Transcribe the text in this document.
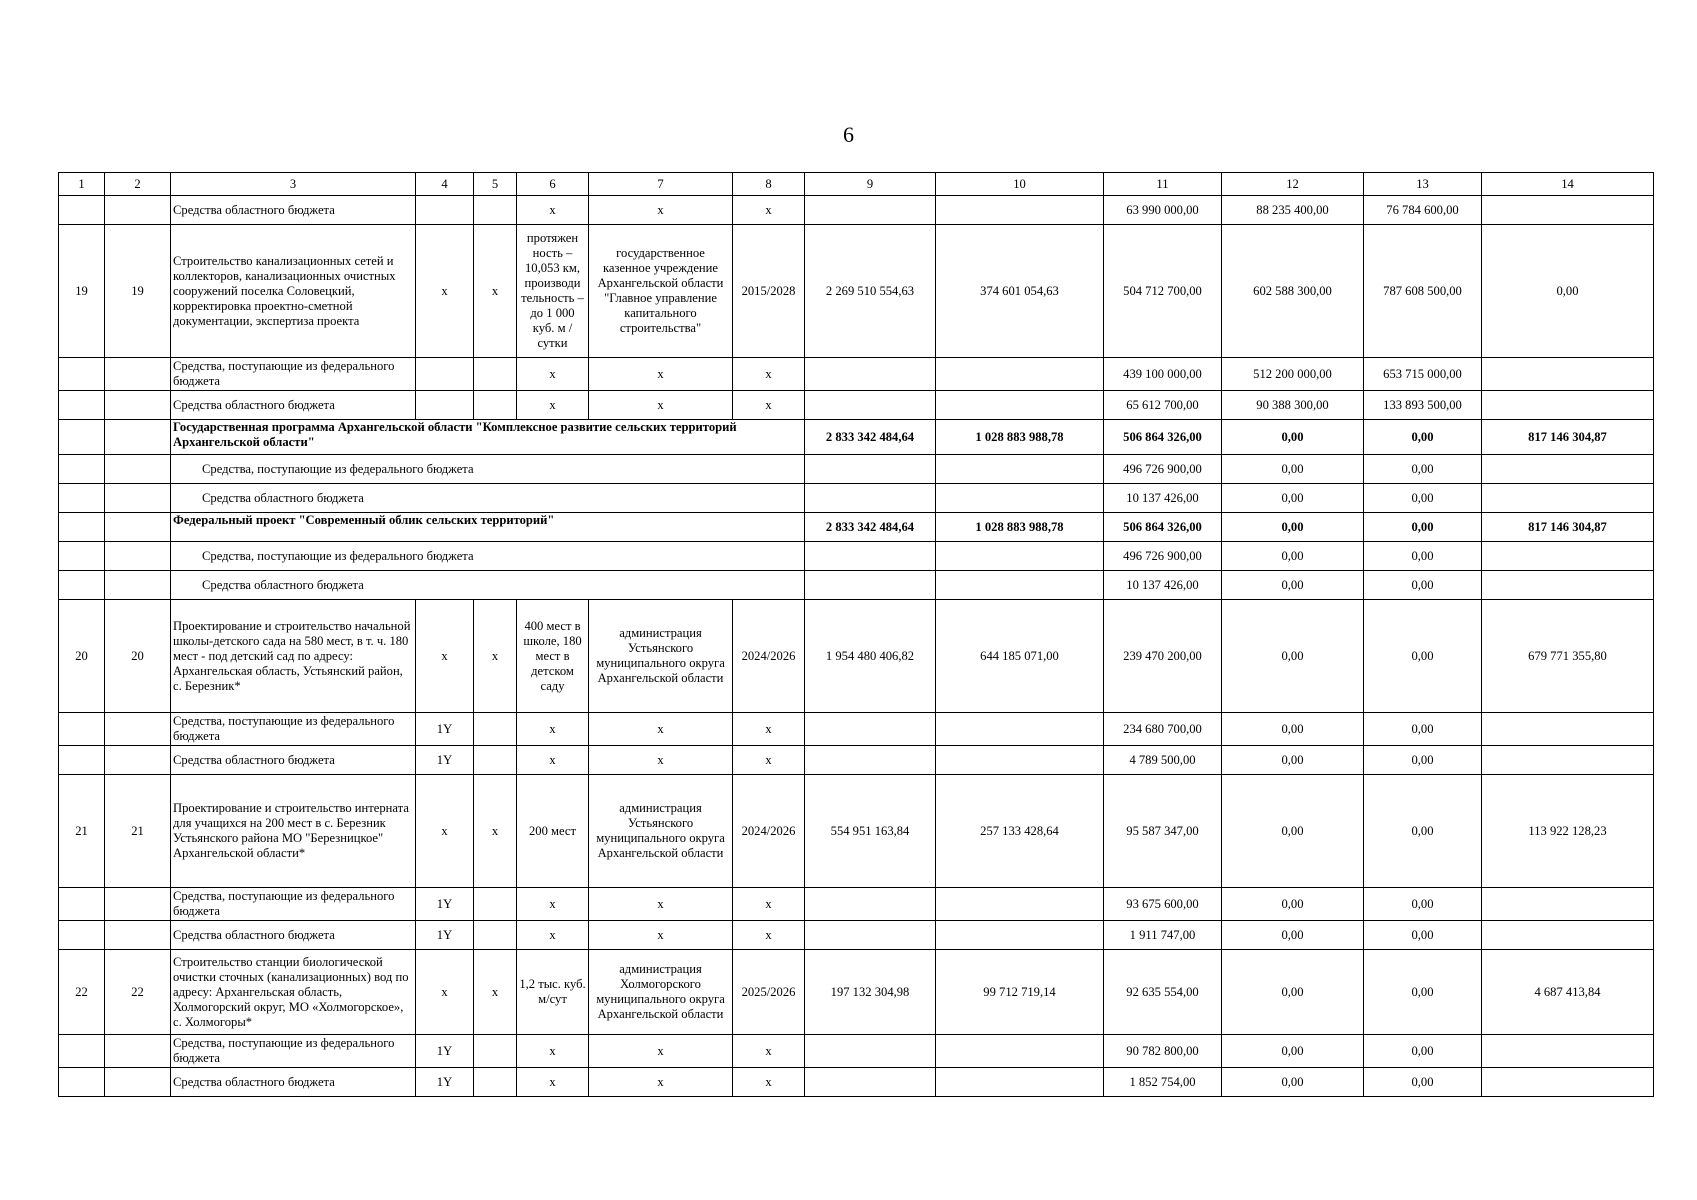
6
1	2	3	4	5	6	7	8	9	10	11	12	13	14
		Средства областного бюджета			х	х	х			63 990 000,00	88 235 400,00	76 784 600,00	
19	19	Строительство канализационных сетей и коллекторов, канализационных очистных сооружений поселка Соловецкий, корректировка проектно-сметной документации, экспертиза проекта	х	х	протяжен ность – 10,053 км, производи тельность – до 1 000 куб. м / сутки	государственное казенное учреждение Архангельской области "Главное управление капитального строительства"	2015/2028	2 269 510 554,63	374 601 054,63	504 712 700,00	602 588 300,00	787 608 500,00	0,00
		Средства, поступающие из федерального бюджета			х	х	х			439 100 000,00	512 200 000,00	653 715 000,00	
		Средства областного бюджета			х	х	х			65 612 700,00	90 388 300,00	133 893 500,00	
		Государственная программа Архангельской области "Комплексное развитие сельских территорий Архангельской области"						2 833 342 484,64	1 028 883 988,78	506 864 326,00	0,00	0,00	817 146 304,87
		Средства, поступающие из федерального бюджета								496 726 900,00	0,00	0,00	
		Средства областного бюджета								10 137 426,00	0,00	0,00	
		Федеральный проект "Современный облик сельских территорий"						2 833 342 484,64	1 028 883 988,78	506 864 326,00	0,00	0,00	817 146 304,87
		Средства, поступающие из федерального бюджета								496 726 900,00	0,00	0,00	
		Средства областного бюджета								10 137 426,00	0,00	0,00	
20	20	Проектирование и строительство начальной школы-детского сада на 580 мест, в т. ч. 180 мест - под детский сад по адресу: Архангельская область, Устьянский район, с. Березник*	х	х	400 мест в школе, 180 мест в детском саду	администрация Устьянского муниципального округа Архангельской области	2024/2026	1 954 480 406,82	644 185 071,00	239 470 200,00	0,00	0,00	679 771 355,80
		Средства, поступающие из федерального бюджета	1Y		х	х	х			234 680 700,00	0,00	0,00	
		Средства областного бюджета	1Y		х	х	х			4 789 500,00	0,00	0,00	
21	21	Проектирование и строительство интерната для учащихся на 200 мест в с. Березник Устьянского района МО "Березницкое" Архангельской области*	х	х	200 мест	администрация Устьянского муниципального округа Архангельской области	2024/2026	554 951 163,84	257 133 428,64	95 587 347,00	0,00	0,00	113 922 128,23
		Средства, поступающие из федерального бюджета	1Y		х	х	х			93 675 600,00	0,00	0,00	
		Средства областного бюджета	1Y		х	х	х			1 911 747,00	0,00	0,00	
22	22	Строительство станции биологической очистки сточных (канализационных) вод по адресу: Архангельская область, Холмогорский округ, МО «Холмогорское», с. Холмогоры*	х	х	1,2 тыс. куб. м/сут	администрация Холмогорского муниципального округа Архангельской области	2025/2026	197 132 304,98	99 712 719,14	92 635 554,00	0,00	0,00	4 687 413,84
		Средства, поступающие из федерального бюджета	1Y		х	х	х			90 782 800,00	0,00	0,00	
		Средства областного бюджета	1Y		х	х	х			1 852 754,00	0,00	0,00	
